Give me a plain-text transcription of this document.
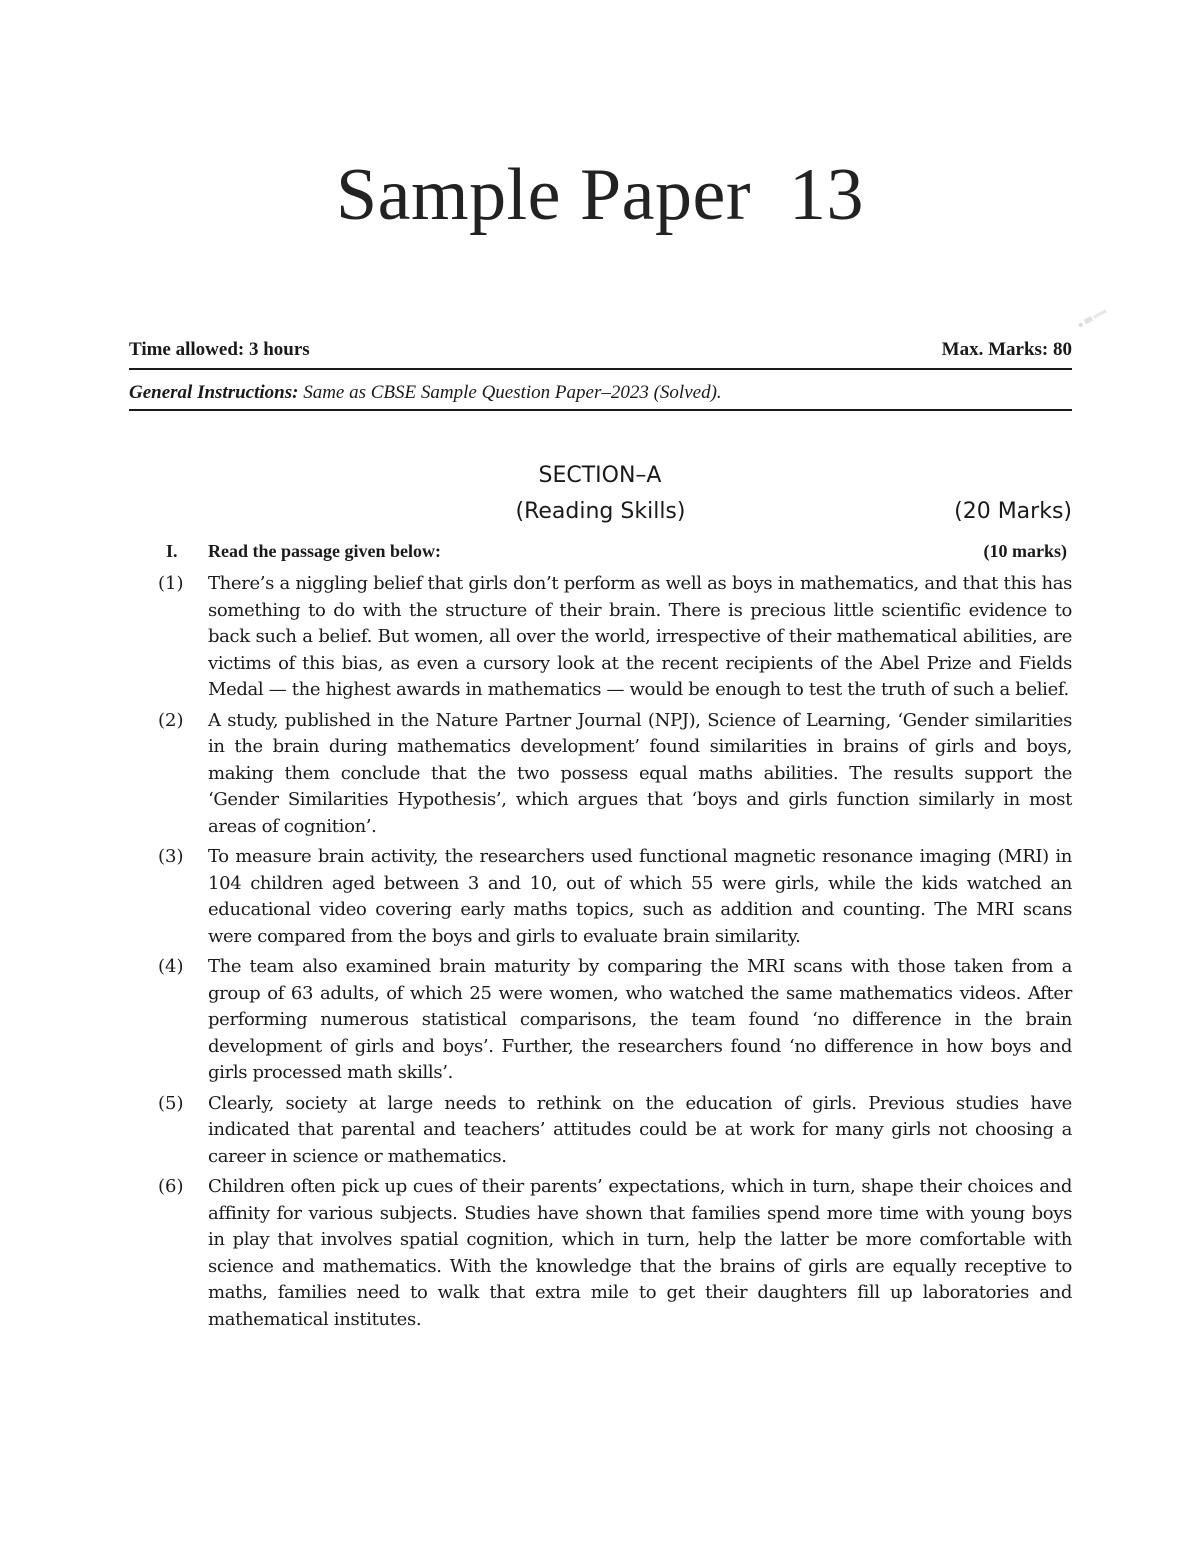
Sample Paper  13
Time allowed: 3 hours	Max. Marks: 80
General Instructions: Same as CBSE Sample Question Paper–2023 (Solved).
SECTION–A
(Reading Skills)	(20 Marks)
I. Read the passage given below:	(10 marks)
(1) There’s a niggling belief that girls don’t perform as well as boys in mathematics, and that this has something to do with the structure of their brain. There is precious little scientific evidence to back such a belief. But women, all over the world, irrespective of their mathematical abilities, are victims of this bias, as even a cursory look at the recent recipients of the Abel Prize and Fields Medal — the highest awards in mathematics — would be enough to test the truth of such a belief.
(2) A study, published in the Nature Partner Journal (NPJ), Science of Learning, ‘Gender similarities in the brain during mathematics development’ found similarities in brains of girls and boys, making them conclude that the two possess equal maths abilities. The results support the ‘Gender Similarities Hypothesis’, which argues that ‘boys and girls function similarly in most areas of cognition’.
(3) To measure brain activity, the researchers used functional magnetic resonance imaging (MRI) in 104 children aged between 3 and 10, out of which 55 were girls, while the kids watched an educational video covering early maths topics, such as addition and counting. The MRI scans were compared from the boys and girls to evaluate brain similarity.
(4) The team also examined brain maturity by comparing the MRI scans with those taken from a group of 63 adults, of which 25 were women, who watched the same mathematics videos. After performing numerous statistical comparisons, the team found ‘no difference in the brain development of girls and boys’. Further, the researchers found ‘no difference in how boys and girls processed math skills’.
(5) Clearly, society at large needs to rethink on the education of girls. Previous studies have indicated that parental and teachers’ attitudes could be at work for many girls not choosing a career in science or mathematics.
(6) Children often pick up cues of their parents’ expectations, which in turn, shape their choices and affinity for various subjects. Studies have shown that families spend more time with young boys in play that involves spatial cognition, which in turn, help the latter be more comfortable with science and mathematics. With the knowledge that the brains of girls are equally receptive to maths, families need to walk that extra mile to get their daughters fill up laboratories and mathematical institutes.
